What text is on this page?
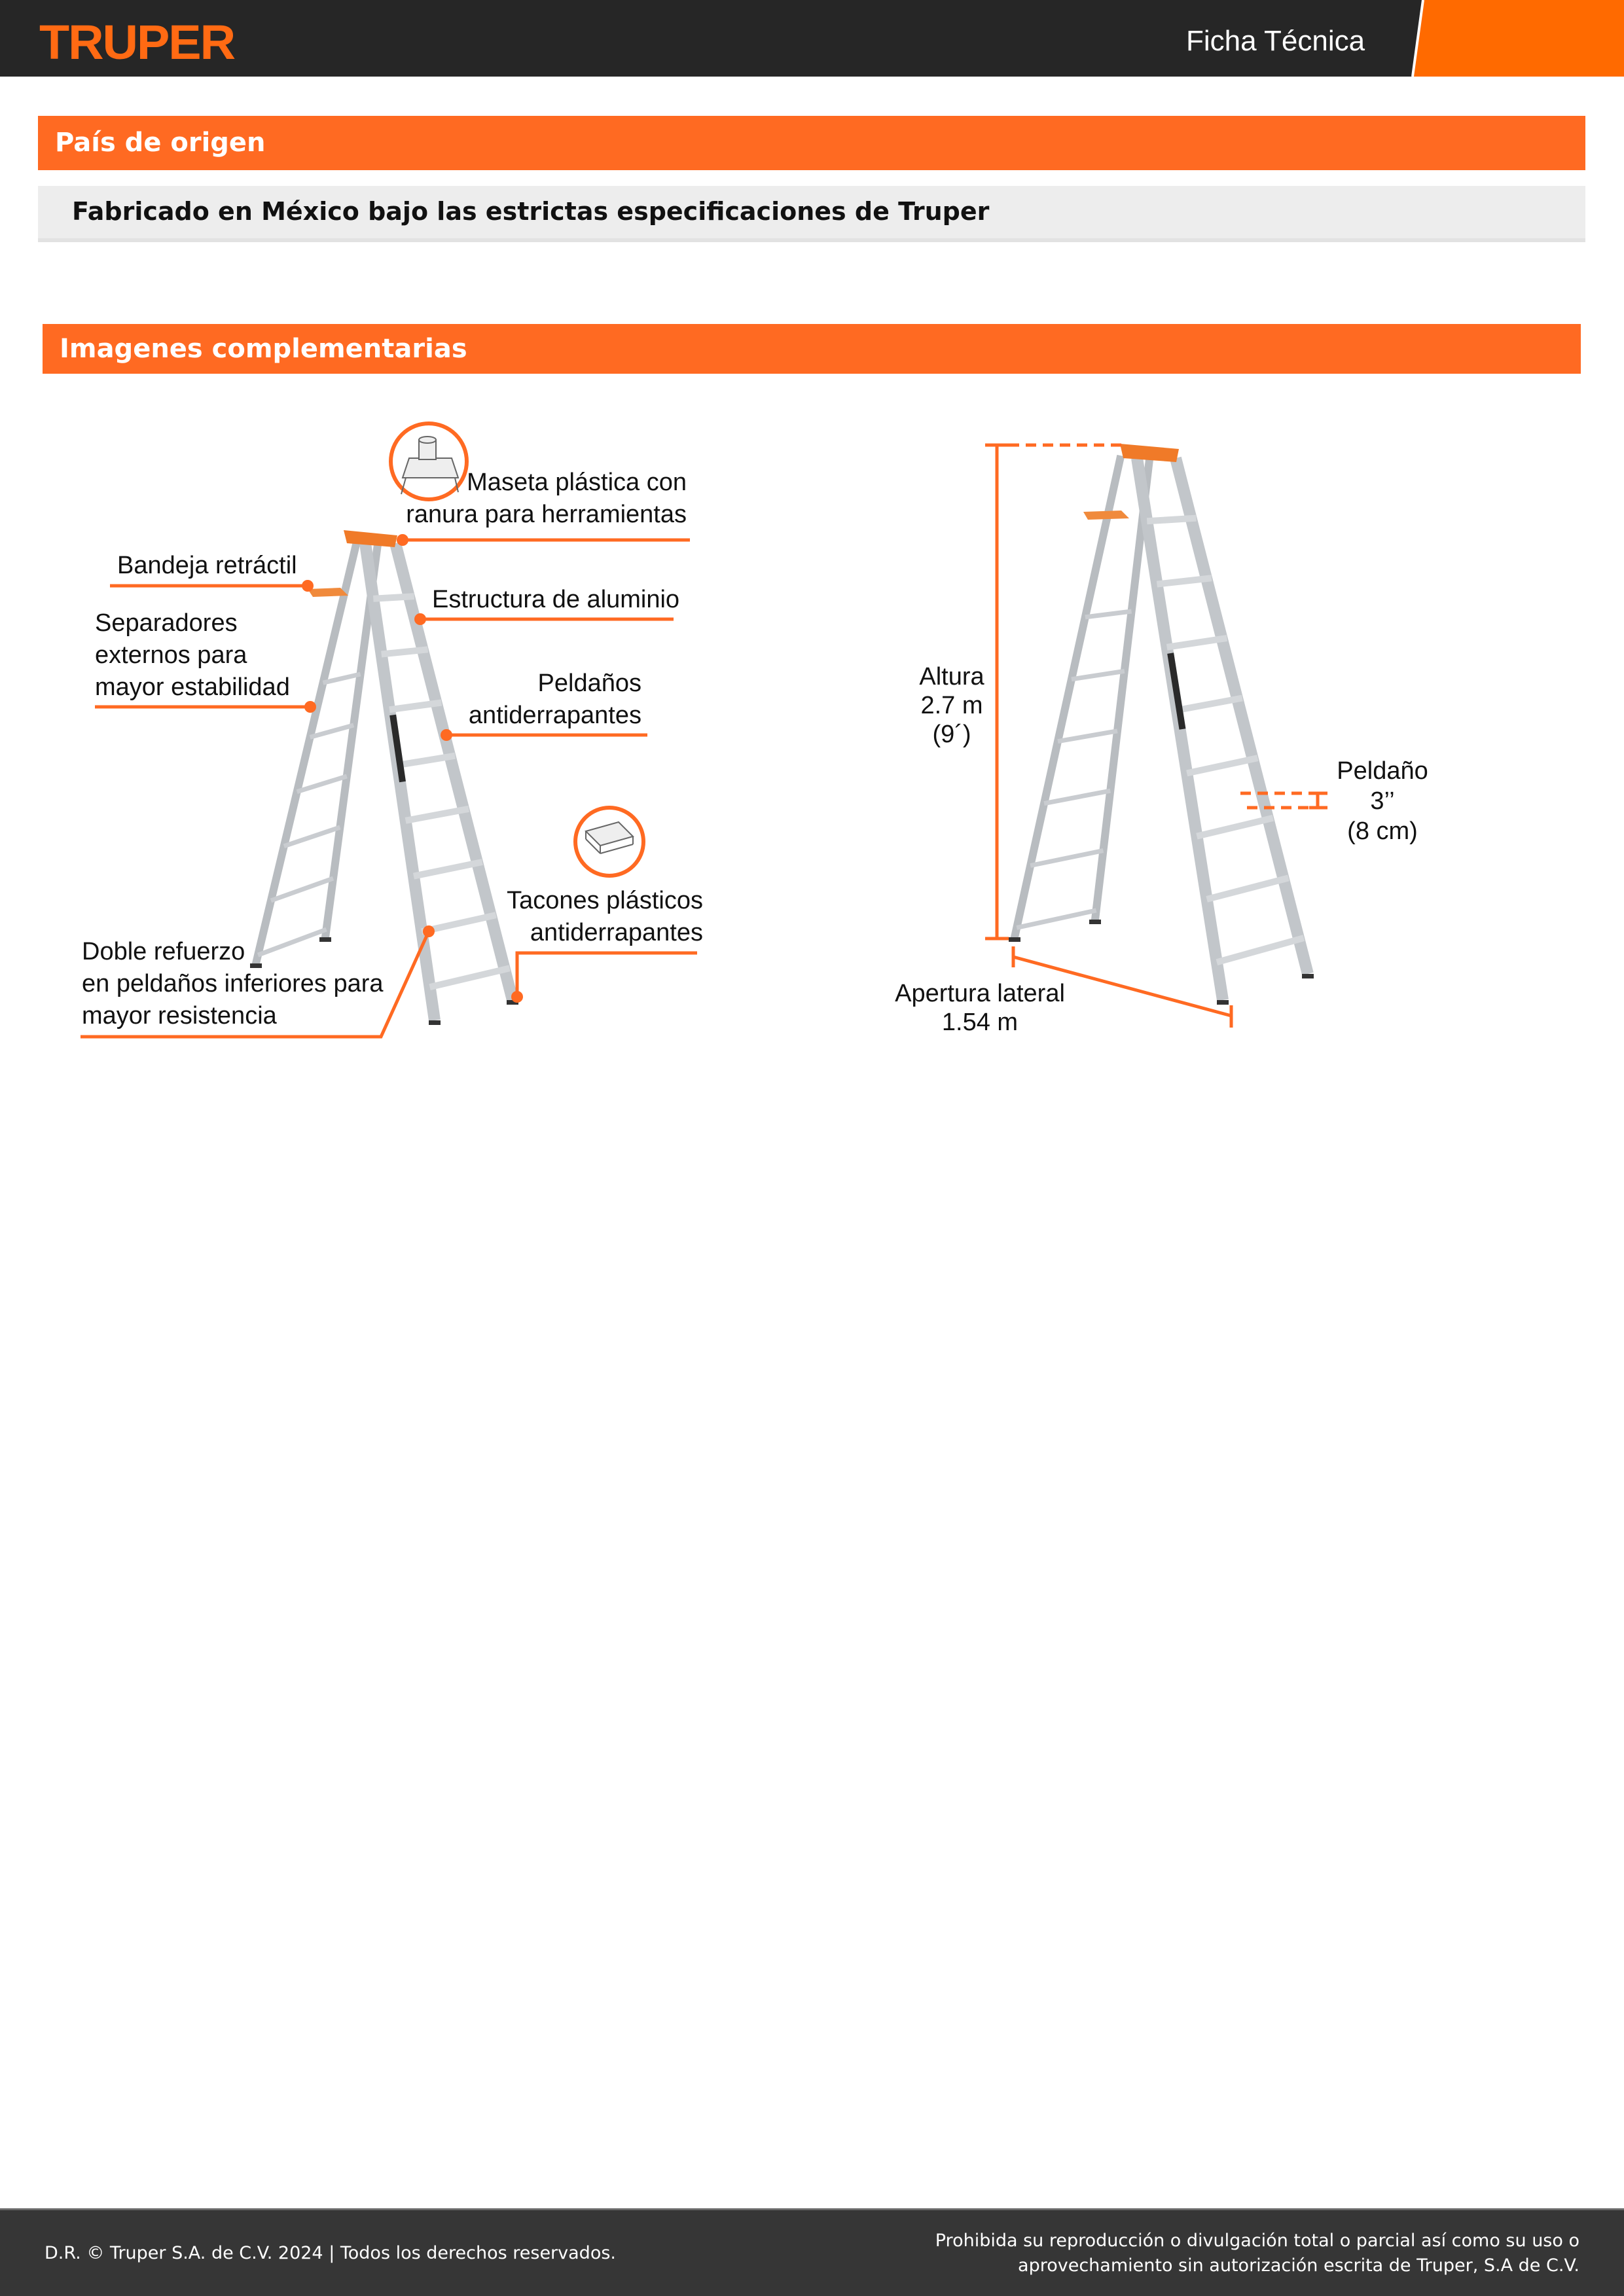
TRUPER	Ficha Técnica
País de origen
Fabricado en México bajo las estrictas especificaciones de Truper
Imagenes complementarias
Maseta plástica con
ranura para herramientas
Bandeja retráctil
Estructura de aluminio
Separadores
externos para
mayor estabilidad	Peldaños
antiderrapantes
Tacones plásticos
antiderrapantes
Doble refuerzo
en peldaños inferiores para
mayor resistencia
Altura
2.7 m
(9´)
Peldaño
3’’
(8 cm)
Apertura lateral
1.54 m
D.R. © Truper S.A. de C.V. 2024 | Todos los derechos reservados.
Prohibida su reproducción o divulgación total o parcial así como su uso o
aprovechamiento sin autorización escrita de Truper, S.A de C.V.
